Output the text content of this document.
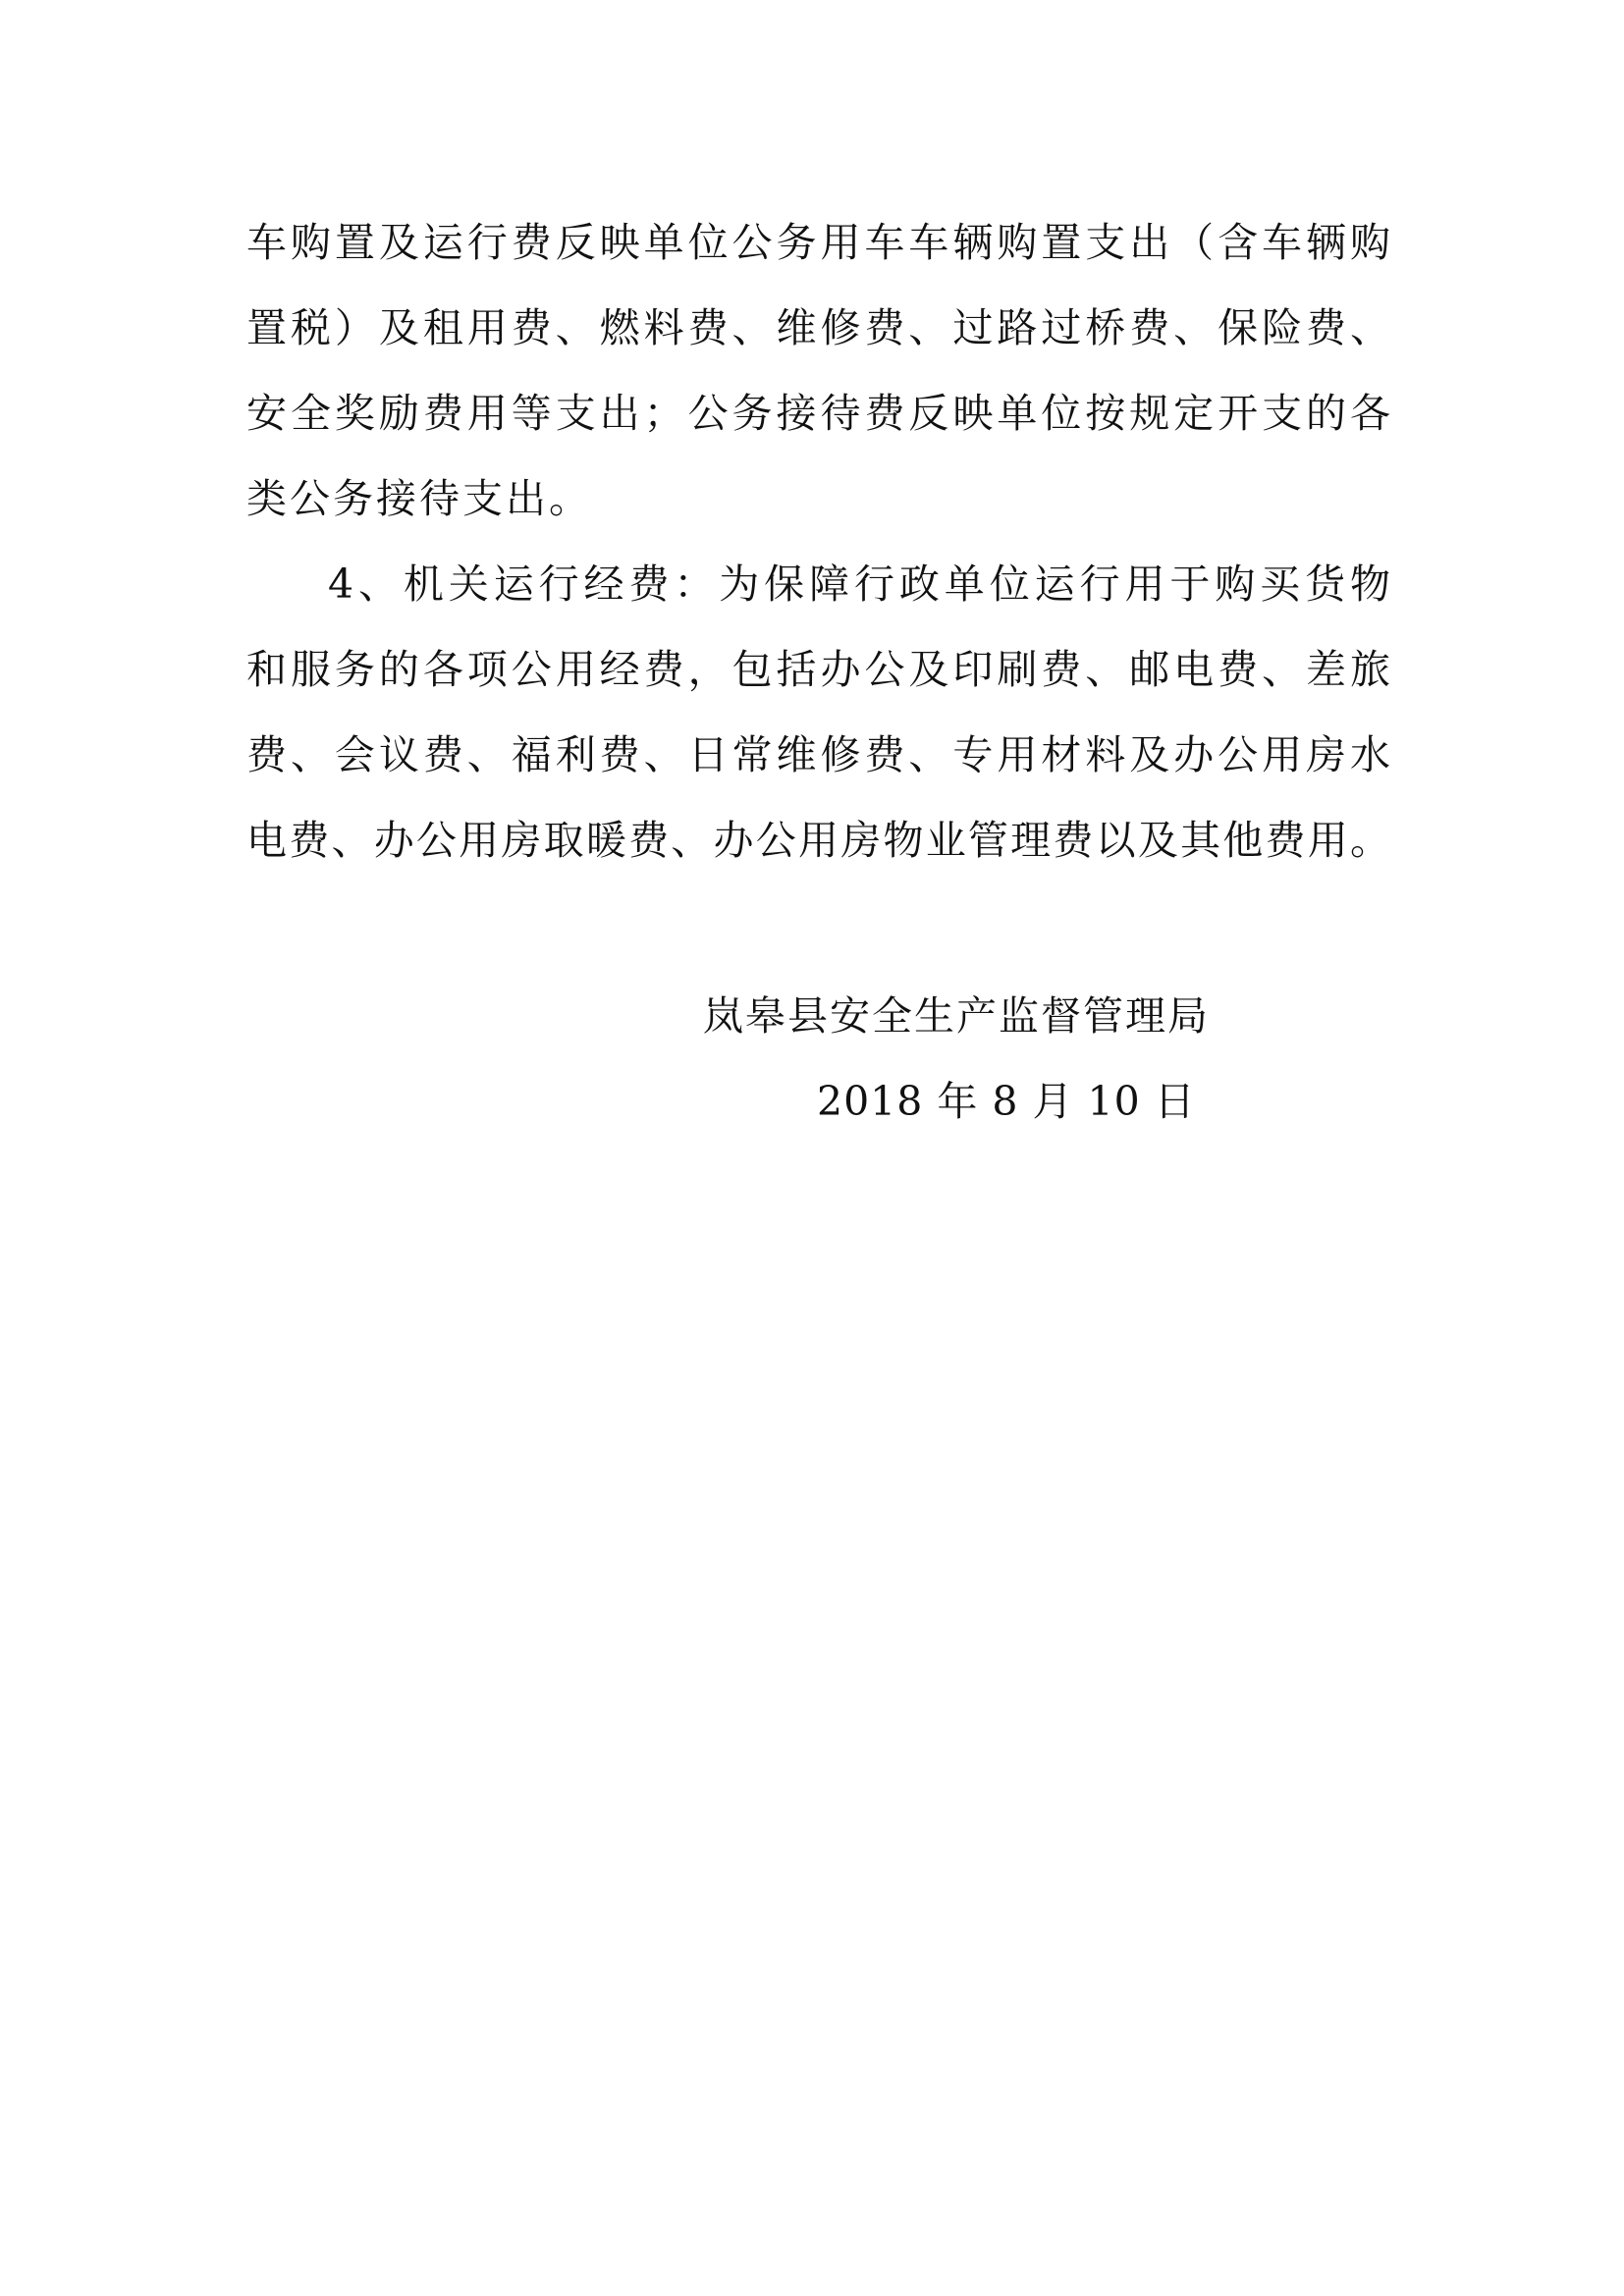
车购置及运行费反映单位公务用车车辆购置支出（含车辆购
置税）及租用费、燃料费、维修费、过路过桥费、保险费、
安全奖励费用等支出；公务接待费反映单位按规定开支的各
类公务接待支出。
4、机关运行经费：为保障行政单位运行用于购买货物
和服务的各项公用经费，包括办公及印刷费、邮电费、差旅
费、会议费、福利费、日常维修费、专用材料及办公用房水
电费、办公用房取暖费、办公用房物业管理费以及其他费用。
岚皋县安全生产监督管理局
2018 年 8 月 10 日
